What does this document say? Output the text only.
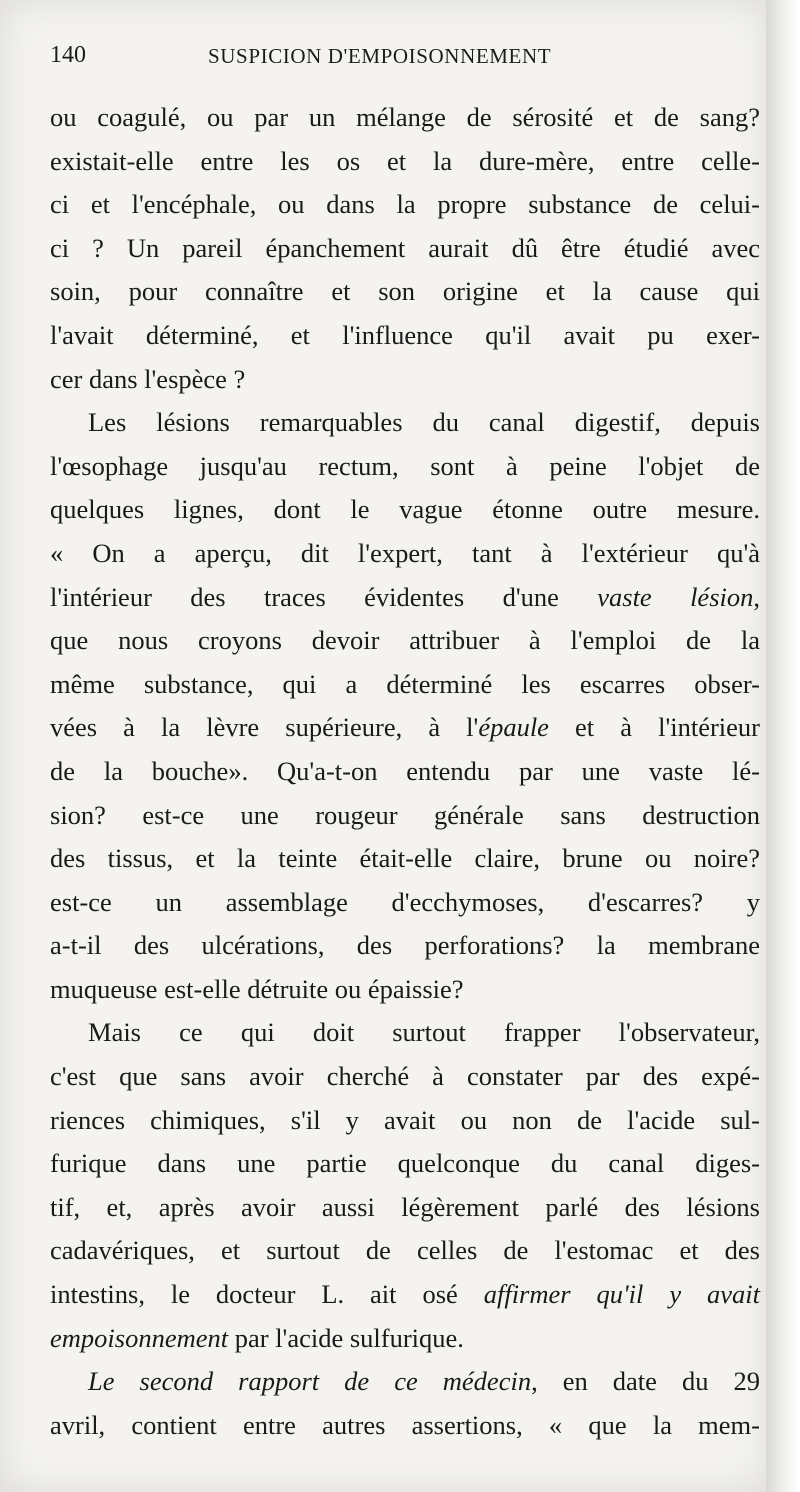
140	SUSPICION D'EMPOISONNEMENT
ou coagulé, ou par un mélange de sérosité et de sang?
existait-elle entre les os et la dure-mère, entre celle-
ci et l'encéphale, ou dans la propre substance de celui-
ci ? Un pareil épanchement aurait dû être étudié avec
soin, pour connaître et son origine et la cause qui
l'avait déterminé, et l'influence qu'il avait pu exer-
cer dans l'espèce ?
Les lésions remarquables du canal digestif, depuis
l'œsophage jusqu'au rectum, sont à peine l'objet de
quelques lignes, dont le vague étonne outre mesure.
« On a aperçu, dit l'expert, tant à l'extérieur qu'à
l'intérieur des traces évidentes d'une vaste lésion,
que nous croyons devoir attribuer à l'emploi de la
même substance, qui a déterminé les escarres obser-
vées à la lèvre supérieure, à l'épaule et à l'intérieur
de la bouche». Qu'a-t-on entendu par une vaste lé-
sion? est-ce une rougeur générale sans destruction
des tissus, et la teinte était-elle claire, brune ou noire?
est-ce un assemblage d'ecchymoses, d'escarres? y
a-t-il des ulcérations, des perforations? la membrane
muqueuse est-elle détruite ou épaissie?
Mais ce qui doit surtout frapper l'observateur,
c'est que sans avoir cherché à constater par des expé-
riences chimiques, s'il y avait ou non de l'acide sul-
furique dans une partie quelconque du canal diges-
tif, et, après avoir aussi légèrement parlé des lésions
cadavériques, et surtout de celles de l'estomac et des
intestins, le docteur L. ait osé affirmer qu'il y avait
empoisonnement par l'acide sulfurique.
Le second rapport de ce médecin, en date du 29
avril, contient entre autres assertions, « que la mem-
